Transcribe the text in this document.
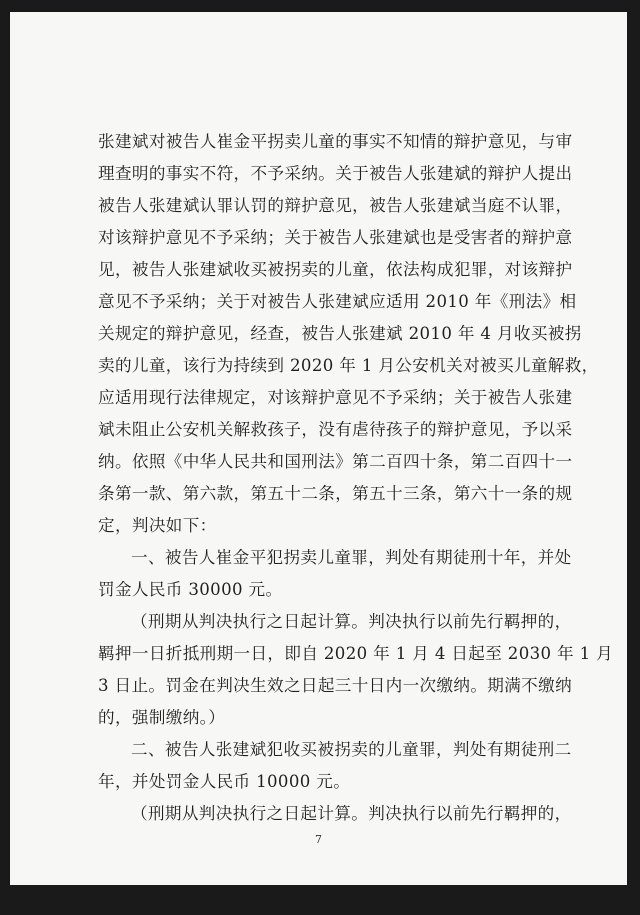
张建斌对被告人崔金平拐卖儿童的事实不知情的辩护意见，与审
理查明的事实不符，不予采纳。关于被告人张建斌的辩护人提出
被告人张建斌认罪认罚的辩护意见，被告人张建斌当庭不认罪，
对该辩护意见不予采纳；关于被告人张建斌也是受害者的辩护意
见，被告人张建斌收买被拐卖的儿童，依法构成犯罪，对该辩护
意见不予采纳；关于对被告人张建斌应适用 2010 年《刑法》相
关规定的辩护意见，经查，被告人张建斌 2010 年 4 月收买被拐
卖的儿童，该行为持续到 2020 年 1 月公安机关对被买儿童解救，
应适用现行法律规定，对该辩护意见不予采纳；关于被告人张建
斌未阻止公安机关解救孩子，没有虐待孩子的辩护意见，予以采
纳。依照《中华人民共和国刑法》第二百四十条，第二百四十一
条第一款、第六款，第五十二条，第五十三条，第六十一条的规
定，判决如下：
一、被告人崔金平犯拐卖儿童罪，判处有期徒刑十年，并处
罚金人民币 30000 元。
（刑期从判决执行之日起计算。判决执行以前先行羁押的，
羁押一日折抵刑期一日，即自 2020 年 1 月 4 日起至 2030 年 1 月
3 日止。罚金在判决生效之日起三十日内一次缴纳。期满不缴纳
的，强制缴纳。）
二、被告人张建斌犯收买被拐卖的儿童罪，判处有期徒刑二
年，并处罚金人民币 10000 元。
（刑期从判决执行之日起计算。判决执行以前先行羁押的，
7
